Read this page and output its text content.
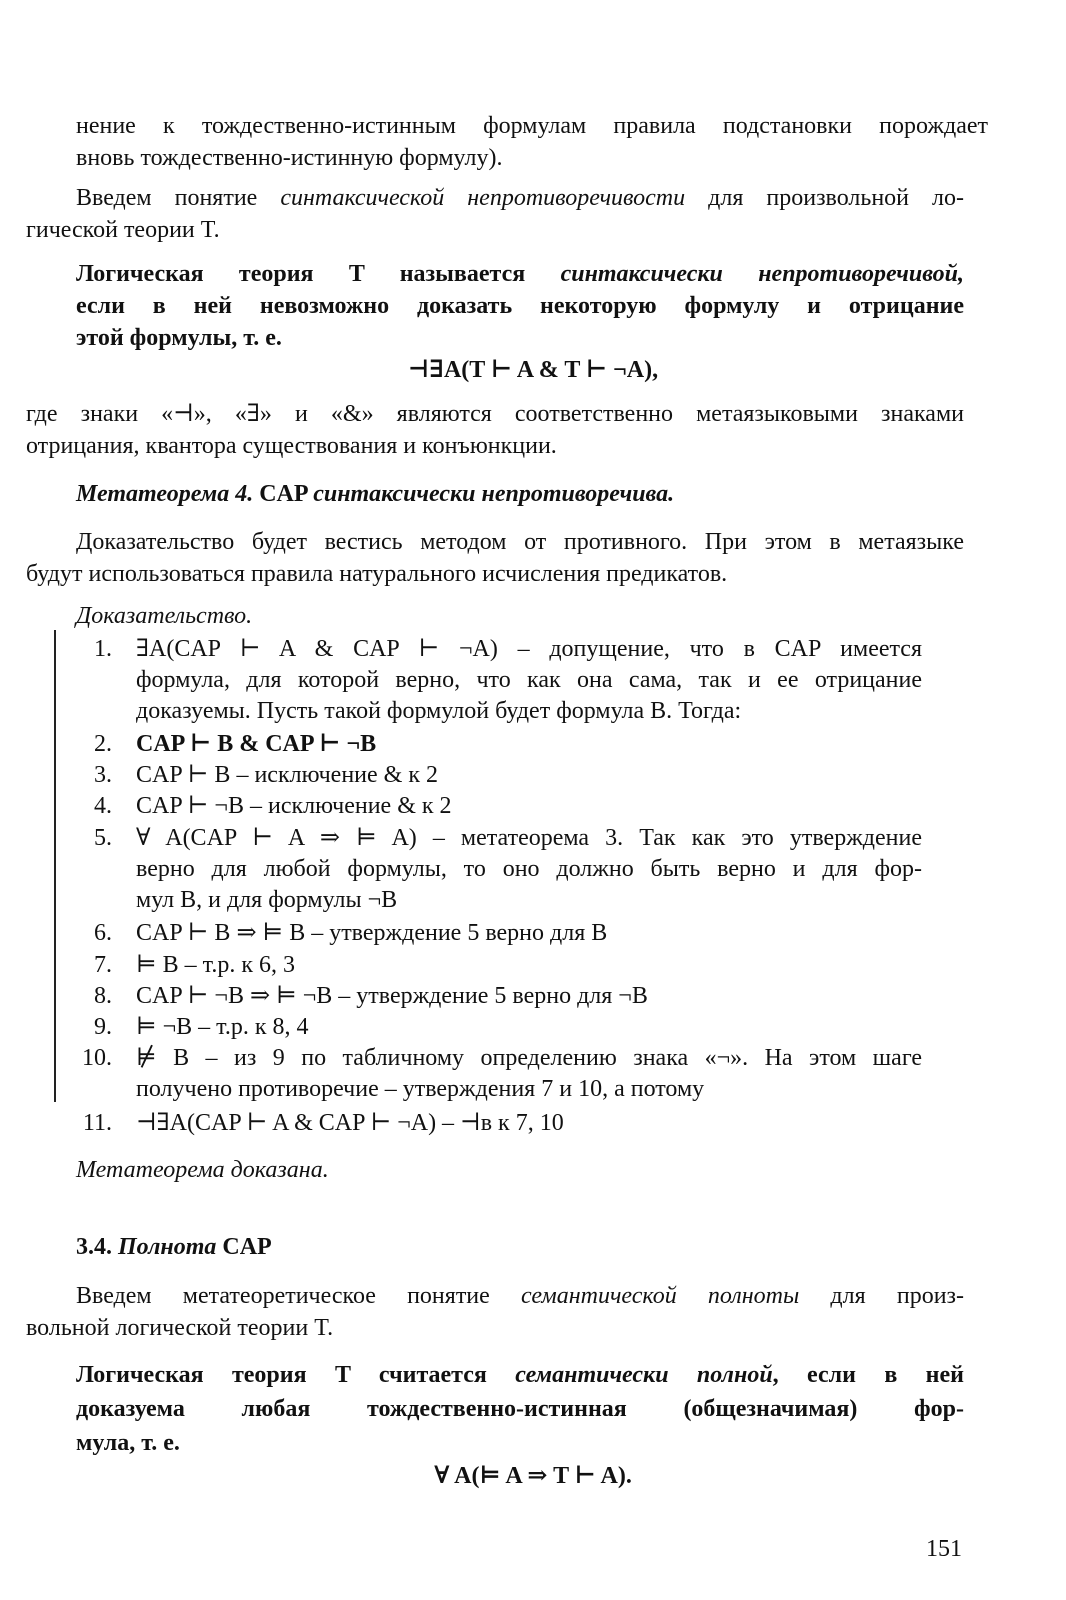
нение к тождественно-истинным формулам правила подстановки порождает
вновь тождественно-истинную формулу).
Введем понятие синтаксической непротиворечивости для произвольной ло-
гической теории T.
Логическая теория T называется синтаксически непротиворечивой,
если в ней невозможно доказать некоторую формулу и отрицание
этой формулы, т. е.
⊣∃A(T ⊢ A & T ⊢ ¬A),
где знаки «⊣», «∃» и «&» являются соответственно метаязыковыми знаками
отрицания, квантора существования и конъюнкции.
Метатеорема 4. CAP синтаксически непротиворечива.
Доказательство будет вестись методом от противного. При этом в метаязыке
будут использоваться правила натурального исчисления предикатов.
Доказательство.
1. ∃A(CAP ⊢ A & CAP ⊢ ¬A) – допущение, что в CAP имеется
формула, для которой верно, что как она сама, так и ее отрицание
доказуемы. Пусть такой формулой будет формула B. Тогда:
2. CAP ⊢ B & CAP ⊢ ¬B
3. CAP ⊢ B – исключение & к 2
4. CAP ⊢ ¬B – исключение & к 2
5. ∀ A(CAP ⊢ A ⇒ ⊨ A) – метатеорема 3. Так как это утверждение
верно для любой формулы, то оно должно быть верно и для фор-
мул B, и для формулы ¬B
6. CAP ⊢ B ⇒ ⊨ B – утверждение 5 верно для B
7. ⊨ B – т.р. к 6, 3
8. CAP ⊢ ¬B ⇒ ⊨ ¬B – утверждение 5 верно для ¬B
9. ⊨ ¬B – т.р. к 8, 4
10. ⊭ B – из 9 по табличному определению знака «¬». На этом шаге
получено противоречие – утверждения 7 и 10, а потому
11. ⊣∃A(CAP ⊢ A & CAP ⊢ ¬A) – ⊣в к 7, 10
Метатеорема доказана.
3.4. Полнота CAP
Введем метатеоретическое понятие семантической полноты для произ-
вольной логической теории T.
Логическая теория T считается семантически полной, если в ней
доказуема любая тождественно-истинная (общезначимая) фор-
мула, т. е.
∀ A(⊨ A ⇒ T ⊢ A).
151
